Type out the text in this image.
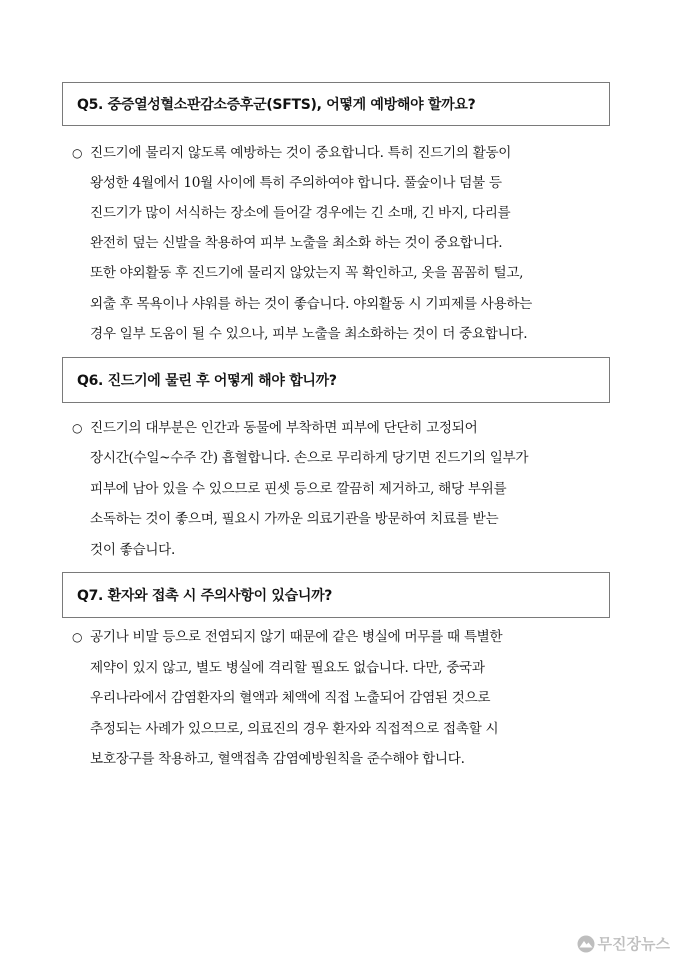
Q5. 중증열성혈소판감소증후군(SFTS), 어떻게 예방해야 할까요?
○ 진드기에 물리지 않도록 예방하는 것이 중요합니다. 특히 진드기의 활동이
왕성한 4월에서 10월 사이에 특히 주의하여야 합니다. 풀숲이나 덤불 등
진드기가 많이 서식하는 장소에 들어갈 경우에는 긴 소매, 긴 바지, 다리를
완전히 덮는 신발을 착용하여 피부 노출을 최소화 하는 것이 중요합니다.
또한 야외활동 후 진드기에 물리지 않았는지 꼭 확인하고, 옷을 꼼꼼히 털고,
외출 후 목욕이나 샤워를 하는 것이 좋습니다. 야외활동 시 기피제를 사용하는
경우 일부 도움이 될 수 있으나, 피부 노출을 최소화하는 것이 더 중요합니다.
Q6. 진드기에 물린 후 어떻게 해야 합니까?
○ 진드기의 대부분은 인간과 동물에 부착하면 피부에 단단히 고정되어
장시간(수일~수주 간) 흡혈합니다. 손으로 무리하게 당기면 진드기의 일부가
피부에 남아 있을 수 있으므로 핀셋 등으로 깔끔히 제거하고, 해당 부위를
소독하는 것이 좋으며, 필요시 가까운 의료기관을 방문하여 치료를 받는
것이 좋습니다.
Q7. 환자와 접촉 시 주의사항이 있습니까?
○ 공기나 비말 등으로 전염되지 않기 때문에 같은 병실에 머무를 때 특별한
제약이 있지 않고, 별도 병실에 격리할 필요도 없습니다. 다만, 중국과
우리나라에서 감염환자의 혈액과 체액에 직접 노출되어 감염된 것으로
추정되는 사례가 있으므로, 의료진의 경우 환자와 직접적으로 접촉할 시
보호장구를 착용하고, 혈액접촉 감염예방원칙을 준수해야 합니다.
무진장뉴스
